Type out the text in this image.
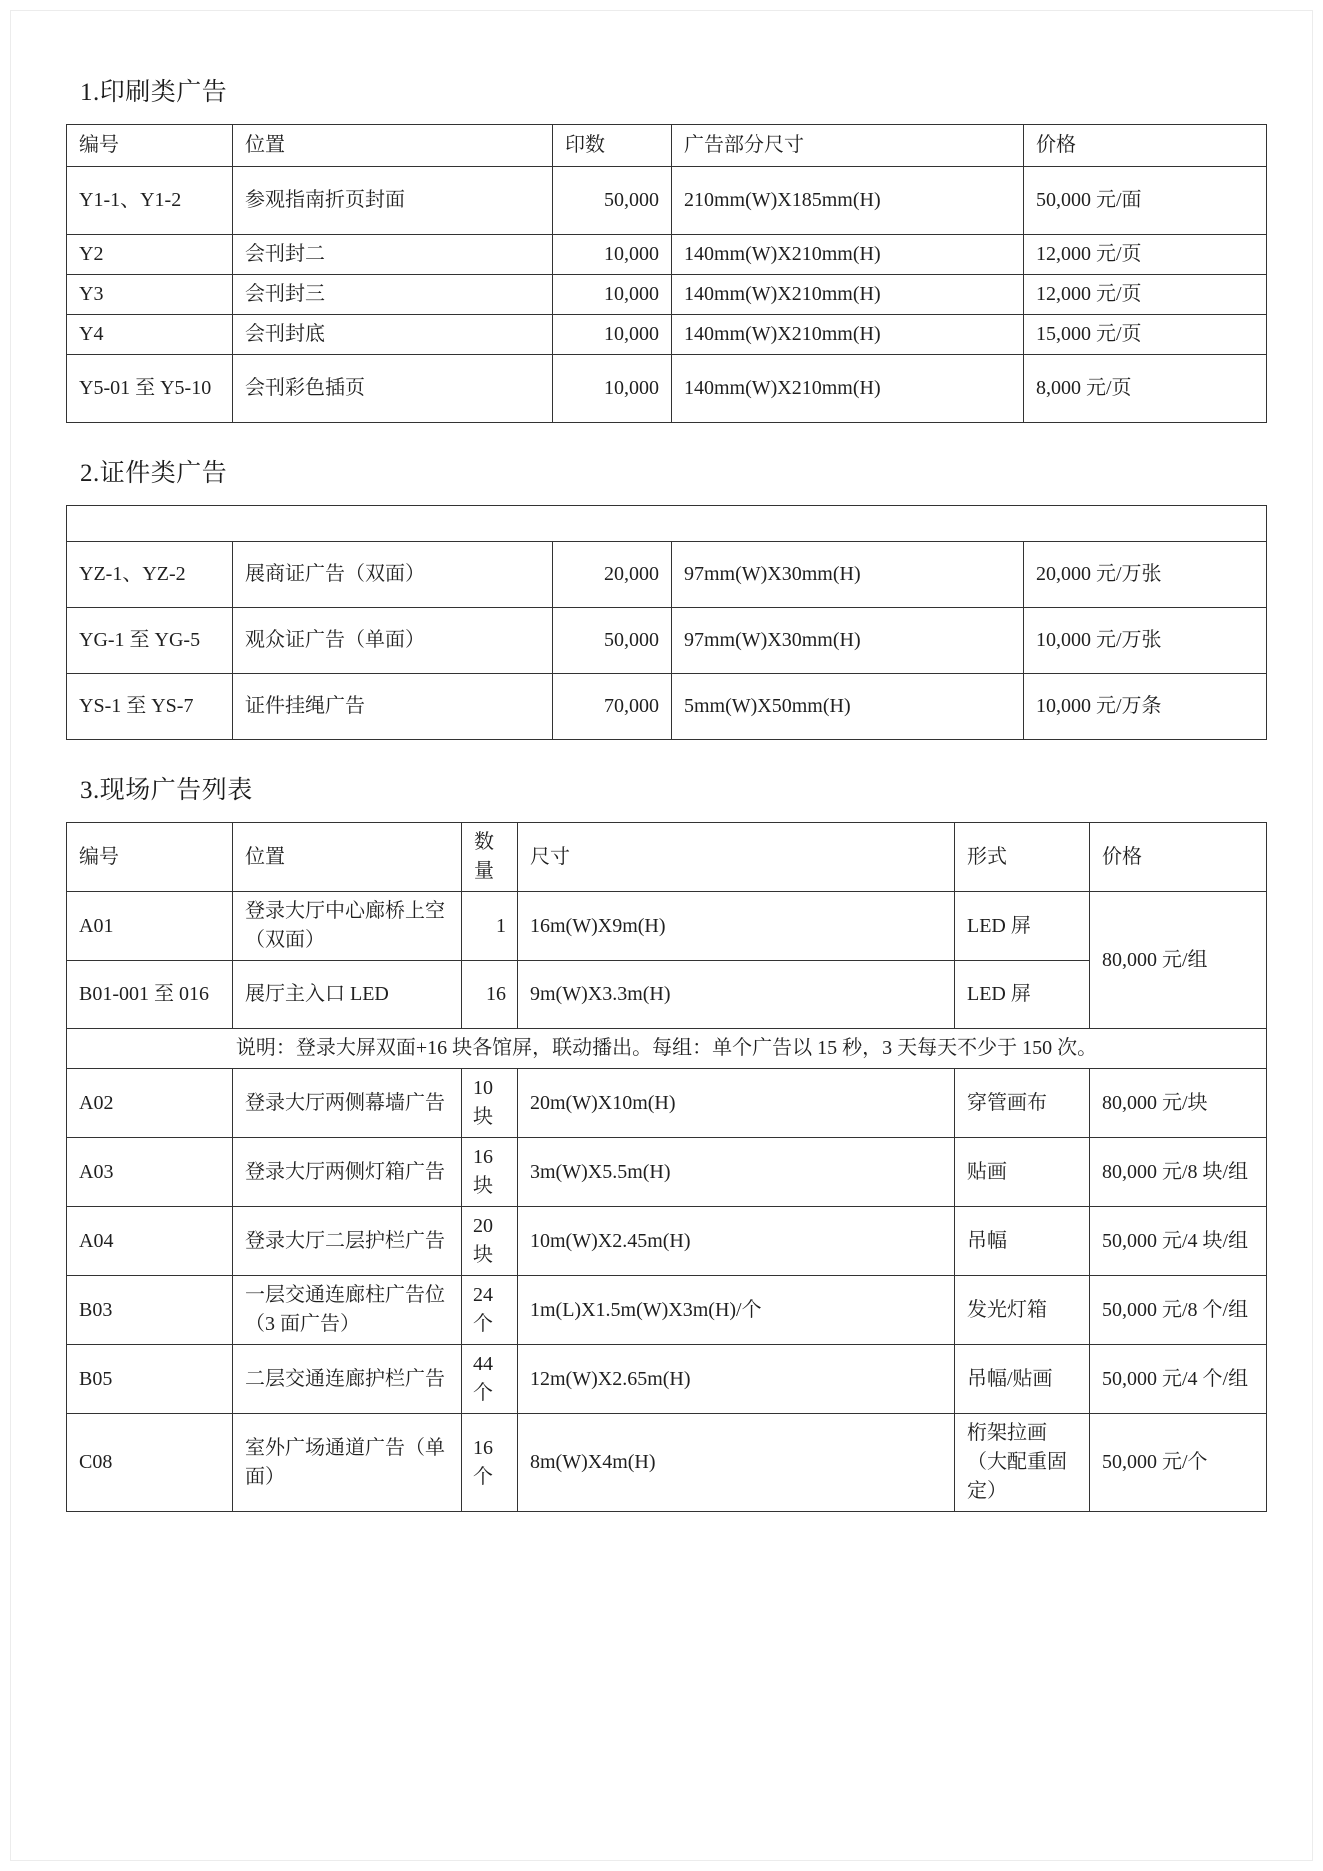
1.印刷类广告
编号	位置	印数	广告部分尺寸	价格
Y1-1、Y1-2	参观指南折页封面	50,000	210mm(W)X185mm(H)	50,000 元/面
Y2	会刊封二	10,000	140mm(W)X210mm(H)	12,000 元/页
Y3	会刊封三	10,000	140mm(W)X210mm(H)	12,000 元/页
Y4	会刊封底	10,000	140mm(W)X210mm(H)	15,000 元/页
Y5-01 至 Y5-10	会刊彩色插页	10,000	140mm(W)X210mm(H)	8,000 元/页
2.证件类广告

YZ-1、YZ-2	展商证广告（双面）	20,000	97mm(W)X30mm(H)	20,000 元/万张
YG-1 至 YG-5	观众证广告（单面）	50,000	97mm(W)X30mm(H)	10,000 元/万张
YS-1 至 YS-7	证件挂绳广告	70,000	5mm(W)X50mm(H)	10,000 元/万条
3.现场广告列表
编号	位置	数量	尺寸	形式	价格
A01	登录大厅中心廊桥上空（双面）	1	16m(W)X9m(H)	LED 屏	80,000 元/组
B01-001 至 016	展厅主入口 LED	16	9m(W)X3.3m(H)	LED 屏	
说明：登录大屏双面+16 块各馆屏，联动播出。每组：单个广告以 15 秒，3 天每天不少于 150 次。					
A02	登录大厅两侧幕墙广告	10 块	20m(W)X10m(H)	穿管画布	80,000 元/块
A03	登录大厅两侧灯箱广告	16 块	3m(W)X5.5m(H)	贴画	80,000 元/8 块/组
A04	登录大厅二层护栏广告	20 块	10m(W)X2.45m(H)	吊幅	50,000 元/4 块/组
B03	一层交通连廊柱广告位（3 面广告）	24 个	1m(L)X1.5m(W)X3m(H)/个	发光灯箱	50,000 元/8 个/组
B05	二层交通连廊护栏广告	44 个	12m(W)X2.65m(H)	吊幅/贴画	50,000 元/4 个/组
C08	室外广场通道广告（单面）	16 个	8m(W)X4m(H)	桁架拉画（大配重固定）	50,000 元/个
